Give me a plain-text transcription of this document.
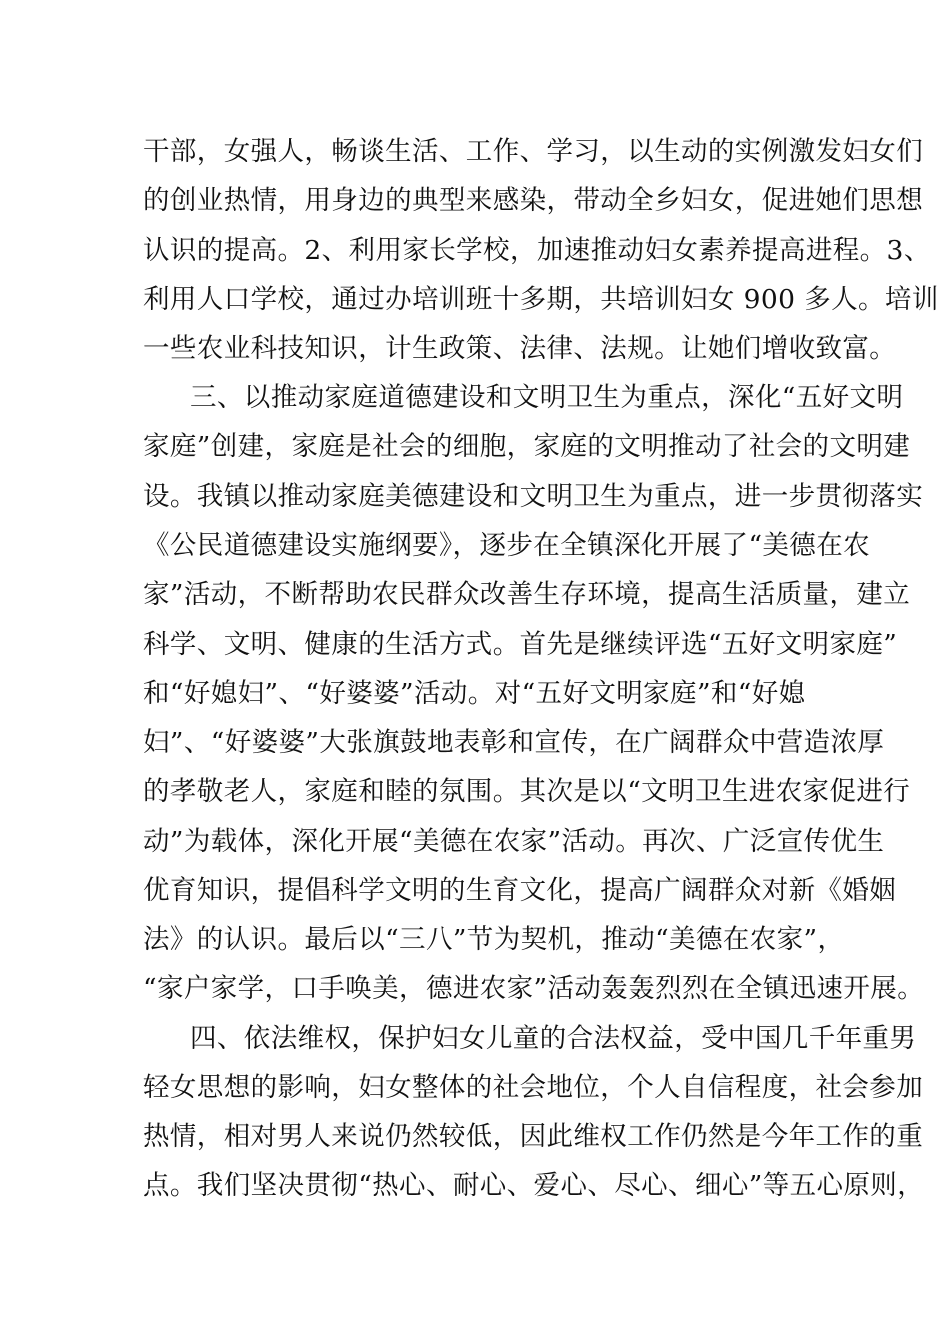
干部，女强人，畅谈生活、工作、学习，以生动的实例激发妇女们
的创业热情，用身边的典型来感染，带动全乡妇女，促进她们思想
认识的提高。2、利用家长学校，加速推动妇女素养提高进程。3、
利用人口学校，通过办培训班十多期，共培训妇女 900 多人。培训
一些农业科技知识，计生政策、法律、法规。让她们增收致富。
三、以推动家庭道德建设和文明卫生为重点，深化“五好文明
家庭”创建，家庭是社会的细胞，家庭的文明推动了社会的文明建
设。我镇以推动家庭美德建设和文明卫生为重点，进一步贯彻落实
《公民道德建设实施纲要》，逐步在全镇深化开展了“美德在农
家”活动，不断帮助农民群众改善生存环境，提高生活质量，建立
科学、文明、健康的生活方式。首先是继续评选“五好文明家庭”
和“好媳妇”、“好婆婆”活动。对“五好文明家庭”和“好媳
妇”、“好婆婆”大张旗鼓地表彰和宣传，在广阔群众中营造浓厚
的孝敬老人，家庭和睦的氛围。其次是以“文明卫生进农家促进行
动”为载体，深化开展“美德在农家”活动。再次、广泛宣传优生
优育知识，提倡科学文明的生育文化，提高广阔群众对新《婚姻
法》的认识。最后以“三八”节为契机，推动“美德在农家”，
“家户家学，口手唤美，德进农家”活动轰轰烈烈在全镇迅速开展。
四、依法维权，保护妇女儿童的合法权益，受中国几千年重男
轻女思想的影响，妇女整体的社会地位，个人自信程度，社会参加
热情，相对男人来说仍然较低，因此维权工作仍然是今年工作的重
点。我们坚决贯彻“热心、耐心、爱心、尽心、细心”等五心原则，
